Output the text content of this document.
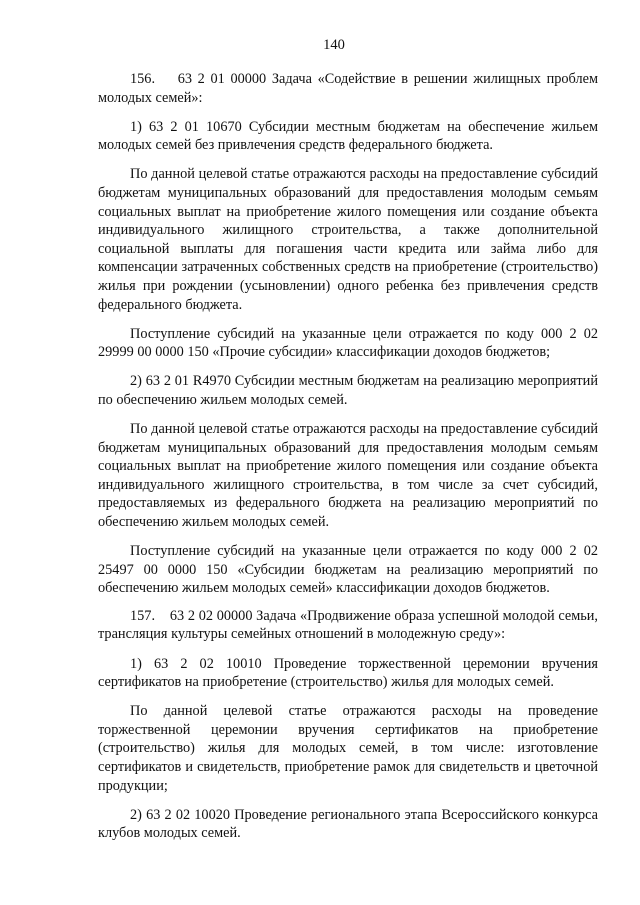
140

156.    63 2 01 00000 Задача «Содействие в решении жилищных проблем молодых семей»:

1) 63 2 01 10670 Субсидии местным бюджетам на обеспечение жильем молодых семей без привлечения средств федерального бюджета.

По данной целевой статье отражаются расходы на предоставление субсидий бюджетам муниципальных образований для предоставления молодым семьям социальных выплат на приобретение жилого помещения или создание объекта индивидуального жилищного строительства, а также дополнительной социальной выплаты для погашения части кредита или займа либо для компенсации затраченных собственных средств на приобретение (строительство) жилья при рождении (усыновлении) одного ребенка без привлечения средств федерального бюджета.

Поступление субсидий на указанные цели отражается по коду 000 2 02 29999 00 0000 150 «Прочие субсидии» классификации доходов бюджетов;

2) 63 2 01 R4970 Субсидии местным бюджетам на реализацию мероприятий по обеспечению жильем молодых семей.

По данной целевой статье отражаются расходы на предоставление субсидий бюджетам муниципальных образований для предоставления молодым семьям социальных выплат на приобретение жилого помещения или создание объекта индивидуального жилищного строительства, в том числе за счет субсидий, предоставляемых из федерального бюджета на реализацию мероприятий по обеспечению жильем молодых семей.

Поступление субсидий на указанные цели отражается по коду 000 2 02 25497 00 0000 150 «Субсидии бюджетам на реализацию мероприятий по обеспечению жильем молодых семей» классификации доходов бюджетов.

157.    63 2 02 00000 Задача «Продвижение образа успешной молодой семьи, трансляция культуры семейных отношений в молодежную среду»:

1) 63 2 02 10010 Проведение торжественной церемонии вручения сертификатов на приобретение (строительство) жилья для молодых семей.

По данной целевой статье отражаются расходы на проведение торжественной церемонии вручения сертификатов на приобретение (строительство) жилья для молодых семей, в том числе: изготовление сертификатов и свидетельств, приобретение рамок для свидетельств и цветочной продукции;

2) 63 2 02 10020 Проведение регионального этапа Всероссийского конкурса клубов молодых семей.
